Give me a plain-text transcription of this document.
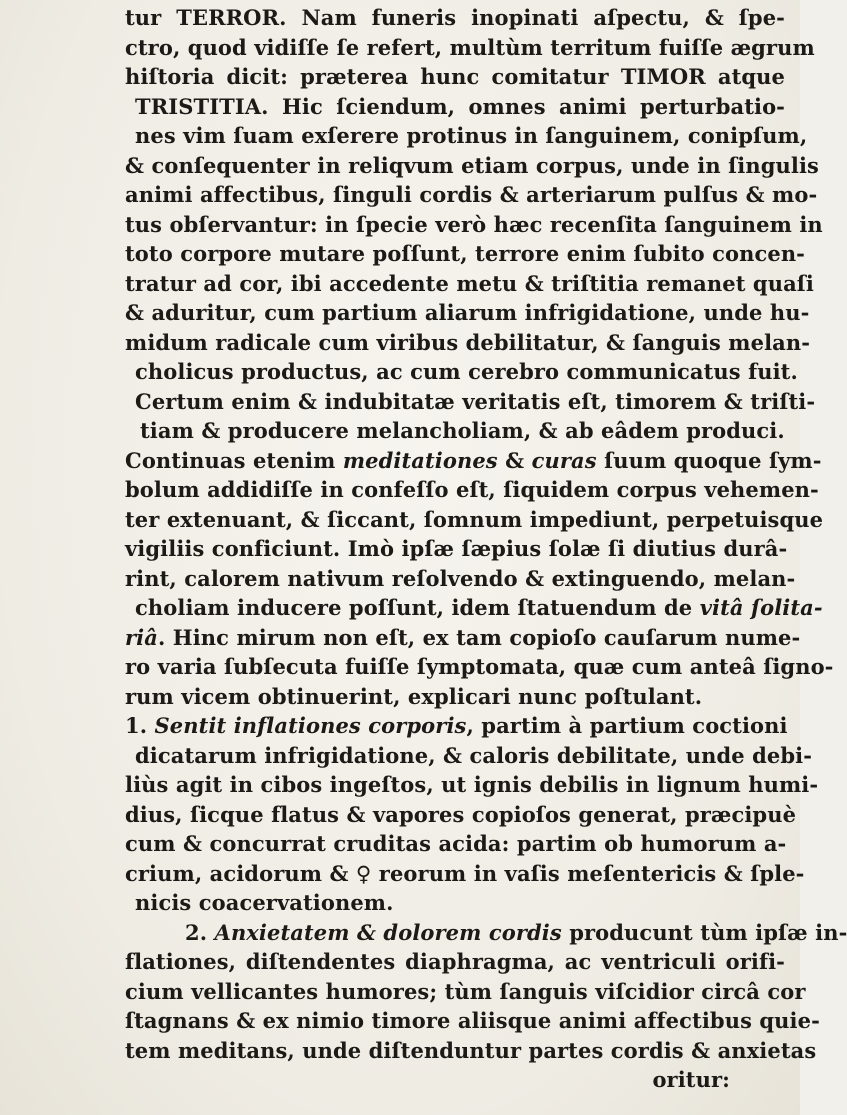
tur TERROR. Nam funeris inopinati aſpectu, & ſpe-
ctro, quod vidiſſe ſe refert, multùm territum fuiſſe ægrum
hiſtoria dicit: præterea hunc comitatur TIMOR atque
TRISTITIA. Hic ſciendum, omnes animi perturbatio-
nes vim ſuam exſerere protinus in ſanguinem, conipſum,
& conſequenter in reliqvum etiam corpus, unde in ſingulis
animi affectibus, ſinguli cordis & arteriarum pulſus & mo-
tus obſervantur: in ſpecie verò hæc recenſita ſanguinem in
toto corpore mutare poſſunt, terrore enim ſubito concen-
tratur ad cor, ibi accedente metu & triſtitia remanet quaſi
& aduritur, cum partium aliarum infrigidatione, unde hu-
midum radicale cum viribus debilitatur, & ſanguis melan-
cholicus productus, ac cum cerebro communicatus fuit.
Certum enim & indubitatæ veritatis eſt, timorem & triſti-
tiam & producere melancholiam, & ab eâdem produci.
Continuas etenim meditationes & curas ſuum quoque ſym-
bolum addidiſſe in confeſſo eſt, ſiquidem corpus vehemen-
ter extenuant, & ſiccant, ſomnum impediunt, perpetuisque
vigiliis conficiunt. Imò ipſæ ſæpius ſolæ ſi diutius durâ-
rint, calorem nativum reſolvendo & extinguendo, melan-
choliam inducere poſſunt, idem ſtatuendum de vitâ ſolita-
riâ. Hinc mirum non eſt, ex tam copioſo cauſarum nume-
ro varia ſubſecuta fuiſſe ſymptomata, quæ cum anteâ ſigno-
rum vicem obtinuerint, explicari nunc poſtulant.
1. Sentit inflationes corporis, partim à partium coctioni
dicatarum infrigidatione, & caloris debilitate, unde debi-
liùs agit in cibos ingeſtos, ut ignis debilis in lignum humi-
dius, ſicque flatus & vapores copioſos generat, præcipuè
cum & concurrat cruditas acida: partim ob humorum a-
crium, acidorum & ♀ reorum in vaſis meſentericis & ſple-
nicis coacervationem.
2. Anxietatem & dolorem cordis producunt tùm ipſæ in-
flationes, diſtendentes diaphragma, ac ventriculi orifi-
cium vellicantes humores; tùm ſanguis viſcidior circâ cor
ſtagnans & ex nimio timore aliisque animi affectibus quie-
tem meditans, unde diſtenduntur partes cordis & anxietas
oritur:
